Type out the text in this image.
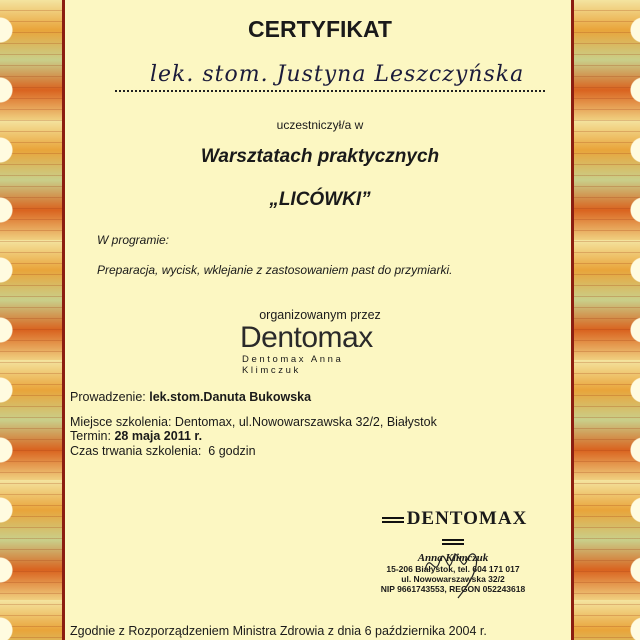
CERTYFIKAT
lek. stom. Justyna Leszczyńska
uczestniczył/a w
Warsztatach praktycznych
„LICÓWKI”
W programie:
Preparacja, wycisk, wklejanie z zastosowaniem past do przymiarki.
organizowanym przez
Dentomax
Dentomax Anna Klimczuk
Prowadzenie: lek.stom.Danuta Bukowska
Miejsce szkolenia: Dentomax, ul.Nowowarszawska 32/2, Białystok
Termin: 28 maja 2011 r.
Czas trwania szkolenia: 6 godzin
DENTOMAX
Anna Klimczuk
15-206 Białystok, tel. 604 171 017
ul. Nowowarszawska 32/2
NIP 9661743553, REGON 052243618
Zgodnie z Rozporządzeniem Ministra Zdrowia z dnia 6 października 2004 r.
